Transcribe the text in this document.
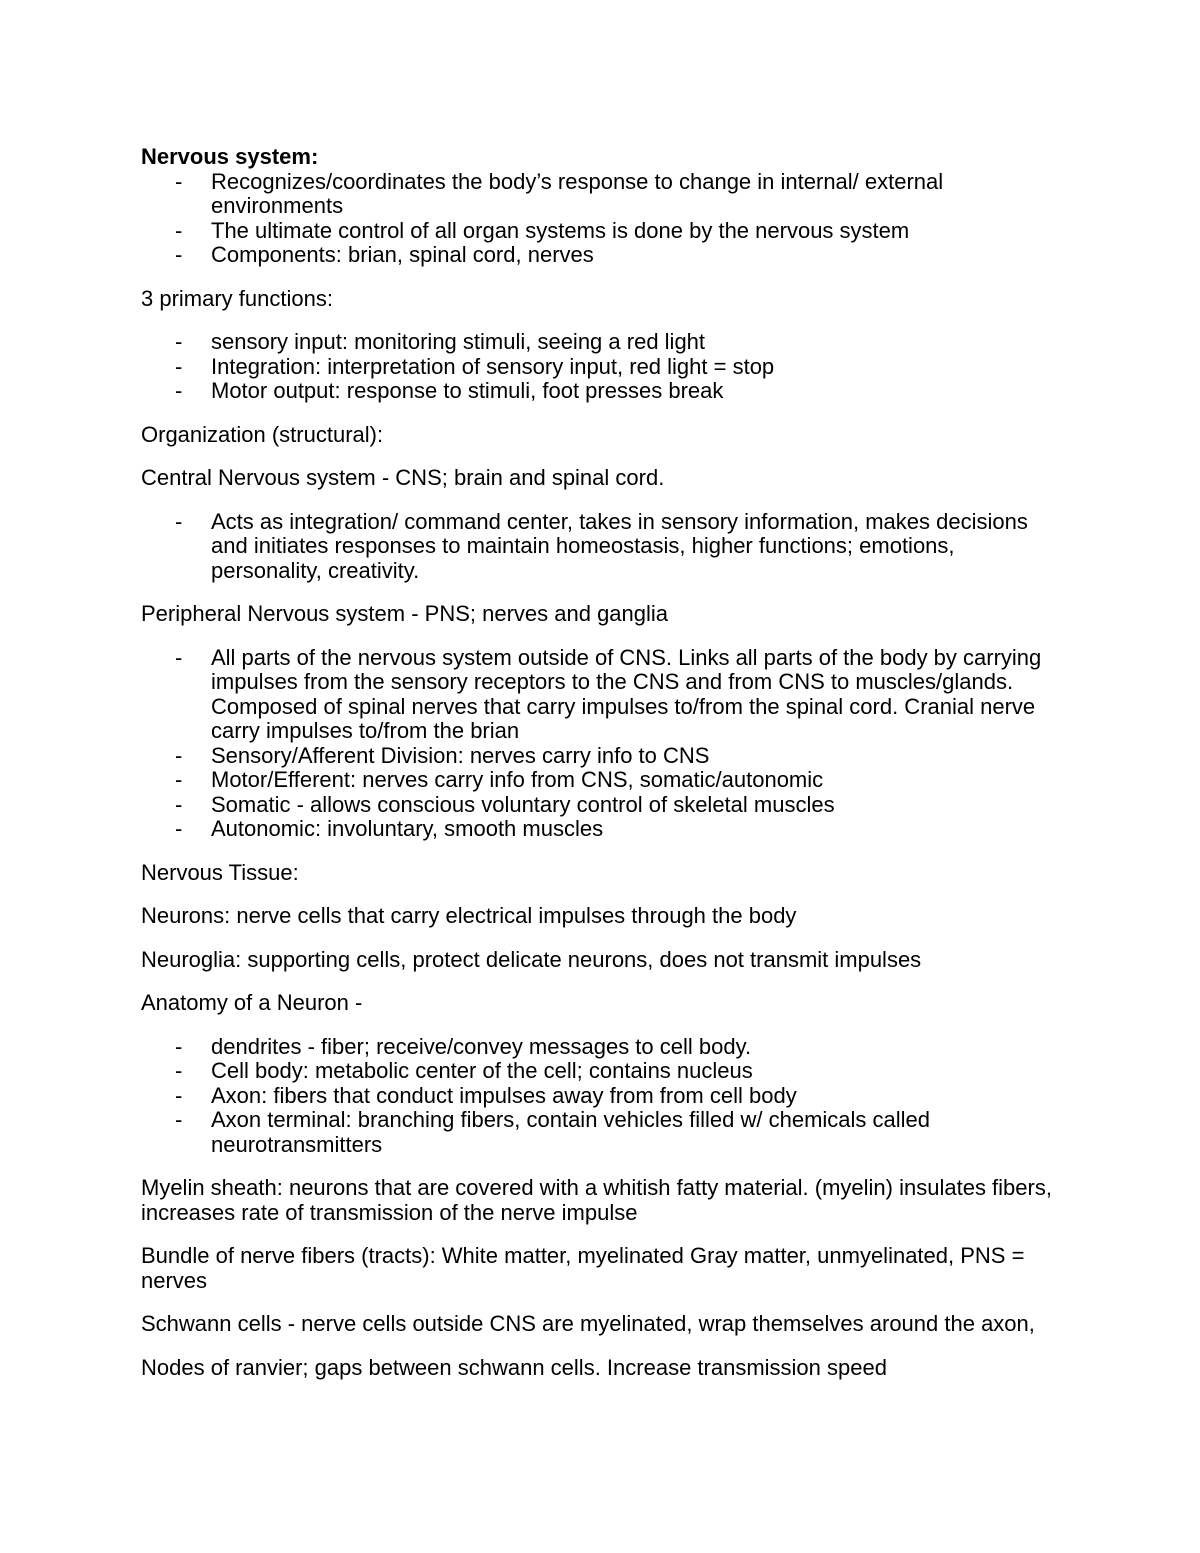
Nervous system:

- Recognizes/coordinates the body’s response to change in internal/ external environments
- The ultimate control of all organ systems is done by the nervous system
- Components: brian, spinal cord, nerves

3 primary functions:

- sensory input: monitoring stimuli, seeing a red light
- Integration: interpretation of sensory input, red light = stop
- Motor output: response to stimuli, foot presses break

Organization (structural):

Central Nervous system - CNS; brain and spinal cord.

- Acts as integration/ command center, takes in sensory information, makes decisions and initiates responses to maintain homeostasis, higher functions; emotions, personality, creativity.

Peripheral Nervous system - PNS; nerves and ganglia

- All parts of the nervous system outside of CNS. Links all parts of the body by carrying impulses from the sensory receptors to the CNS and from CNS to muscles/glands. Composed of spinal nerves that carry impulses to/from the spinal cord. Cranial nerve carry impulses to/from the brian
- Sensory/Afferent Division: nerves carry info to CNS
- Motor/Efferent: nerves carry info from CNS, somatic/autonomic
- Somatic - allows conscious voluntary control of skeletal muscles
- Autonomic: involuntary, smooth muscles

Nervous Tissue:

Neurons: nerve cells that carry electrical impulses through the body

Neuroglia: supporting cells, protect delicate neurons, does not transmit impulses

Anatomy of a Neuron -

- dendrites - fiber; receive/convey messages to cell body.
- Cell body: metabolic center of the cell; contains nucleus
- Axon: fibers that conduct impulses away from from cell body
- Axon terminal: branching fibers, contain vehicles filled w/ chemicals called neurotransmitters

Myelin sheath: neurons that are covered with a whitish fatty material. (myelin) insulates fibers, increases rate of transmission of the nerve impulse

Bundle of nerve fibers (tracts): White matter, myelinated Gray matter, unmyelinated, PNS = nerves

Schwann cells - nerve cells outside CNS are myelinated, wrap themselves around the axon,

Nodes of ranvier; gaps between schwann cells. Increase transmission speed
